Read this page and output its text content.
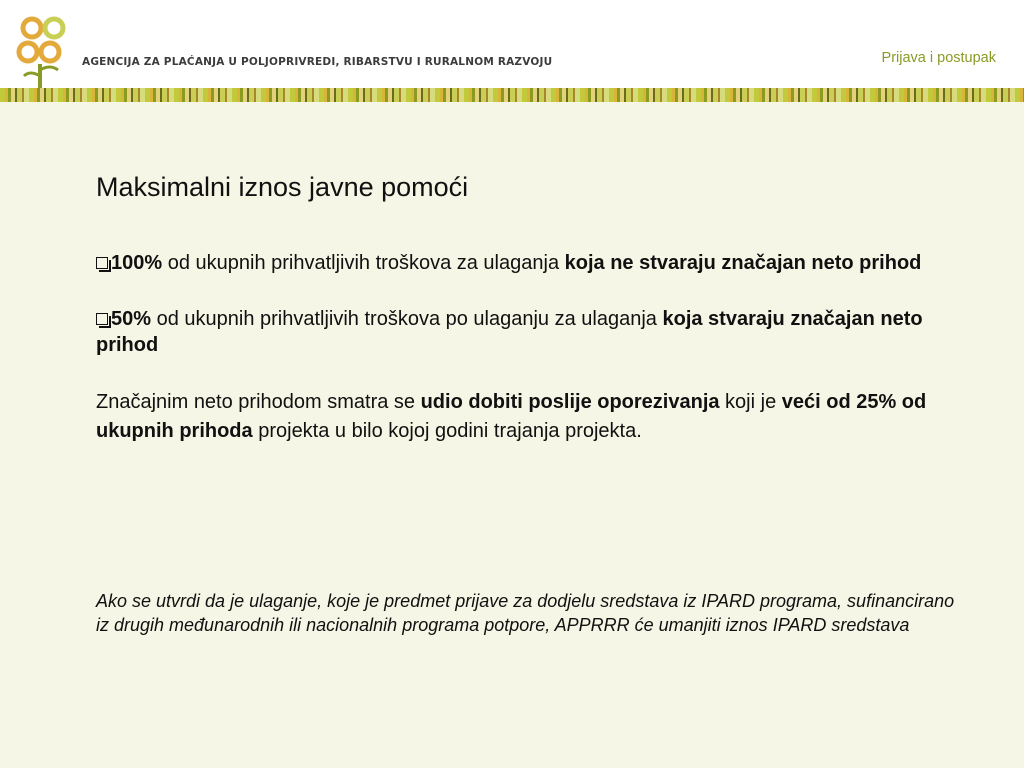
AGENCIJA ZA PLAĆANJA U POLJOPRIVREDI, RIBARSTVU I RURALNOM RAZVOJU	Prijava i postupak
Maksimalni iznos javne pomoći

100% od ukupnih prihvatljivih troškova za ulaganja koja ne stvaraju značajan neto prihod

50% od ukupnih prihvatljivih troškova po ulaganju za ulaganja koja stvaraju značajan neto prihod

Značajnim neto prihodom smatra se udio dobiti poslije oporezivanja koji je veći od 25% od ukupnih prihoda projekta u bilo kojoj godini trajanja projekta.

Ako se utvrdi da je ulaganje, koje je predmet prijave za dodjelu sredstava iz IPARD programa, sufinancirano iz drugih međunarodnih ili nacionalnih programa potpore, APPRRR će umanjiti iznos IPARD sredstava
